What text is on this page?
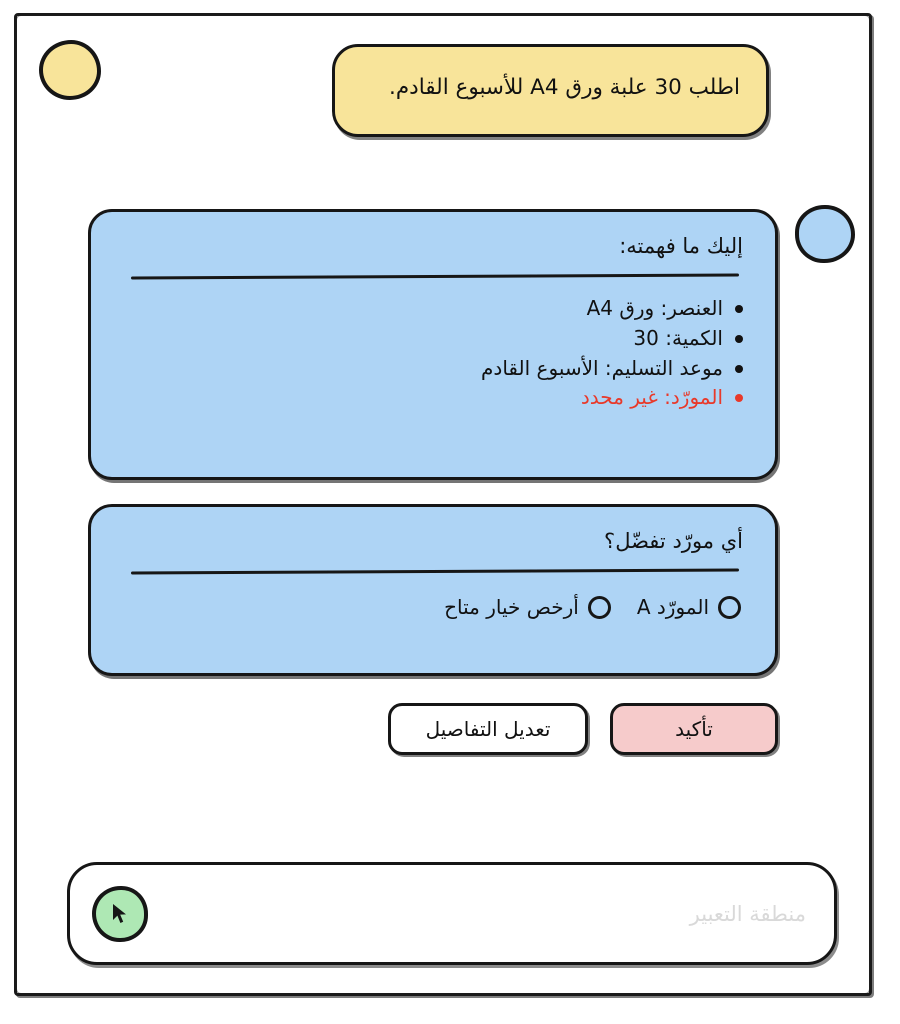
اطلب 30 علبة ورق A4 للأسبوع القادم.
إليك ما فهمته:
العنصر: ورق A4
الكمية: 30
موعد التسليم: الأسبوع القادم
المورّد: غير محدد
أي مورّد تفضّل؟
المورّد A
أرخص خيار متاح
تأكيد
تعديل التفاصيل
منطقة التعبير
